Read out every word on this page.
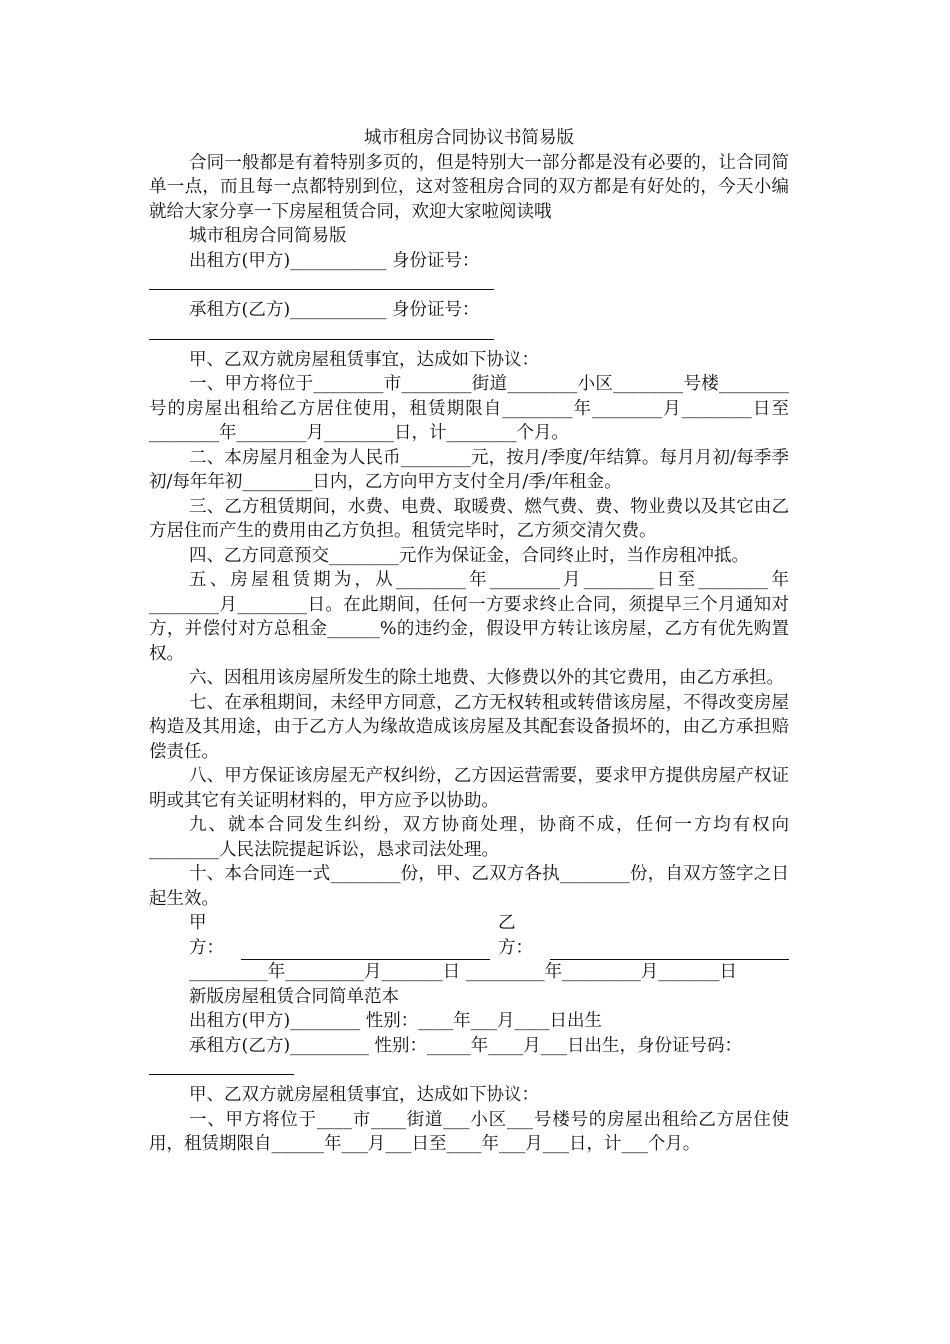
城市租房合同协议书简易版
合同一般都是有着特别多页的，但是特别大一部分都是没有必要的，让合同简单一点，而且每一点都特别到位，这对签租房合同的双方都是有好处的，今天小编就给大家分享一下房屋租赁合同，欢迎大家啦阅读哦
城市租房合同简易版
出租方(甲方)___________ 身份证号：
承租方(乙方)___________ 身份证号：
甲、乙双方就房屋租赁事宜，达成如下协议：
一、甲方将位于________市________街道________小区________号楼________号的房屋出租给乙方居住使用，租赁期限自________年________月________日至________年________月________日，计________个月。
二、本房屋月租金为人民币________元，按月/季度/年结算。每月月初/每季季初/每年年初________日内，乙方向甲方支付全月/季/年租金。
三、乙方租赁期间，水费、电费、取暖费、燃气费、费、物业费以及其它由乙方居住而产生的费用由乙方负担。租赁完毕时，乙方须交清欠费。
四、乙方同意预交________元作为保证金，合同终止时，当作房租冲抵。
五、房屋租赁期为，从________年________月________日至________年________月________日。在此期间，任何一方要求终止合同，须提早三个月通知对方，并偿付对方总租金______%的违约金，假设甲方转让该房屋，乙方有优先购置权。
六、因租用该房屋所发生的除土地费、大修费以外的其它费用，由乙方承担。
七、在承租期间，未经甲方同意，乙方无权转租或转借该房屋，不得改变房屋构造及其用途，由于乙方人为缘故造成该房屋及其配套设备损坏的，由乙方承担赔偿责任。
八、甲方保证该房屋无产权纠纷，乙方因运营需要，要求甲方提供房屋产权证明或其它有关证明材料的，甲方应予以协助。
九、就本合同发生纠纷，双方协商处理，协商不成，任何一方均有权向________人民法院提起诉讼，恳求司法处理。
十、本合同连一式________份，甲、乙双方各执________份，自双方签字之日起生效。
甲方：
乙方：
_________年_________月_______日 _________年_________月_______日
新版房屋租赁合同简单范本
出租方(甲方)________ 性别：____年___月____日出生
承租方(乙方)_________ 性别：_____年____月___日出生，身份证号码：
甲、乙双方就房屋租赁事宜，达成如下协议：
一、甲方将位于____市____街道___小区___号楼号的房屋出租给乙方居住使用，租赁期限自______年___月___日至____年___月___日，计___个月。
